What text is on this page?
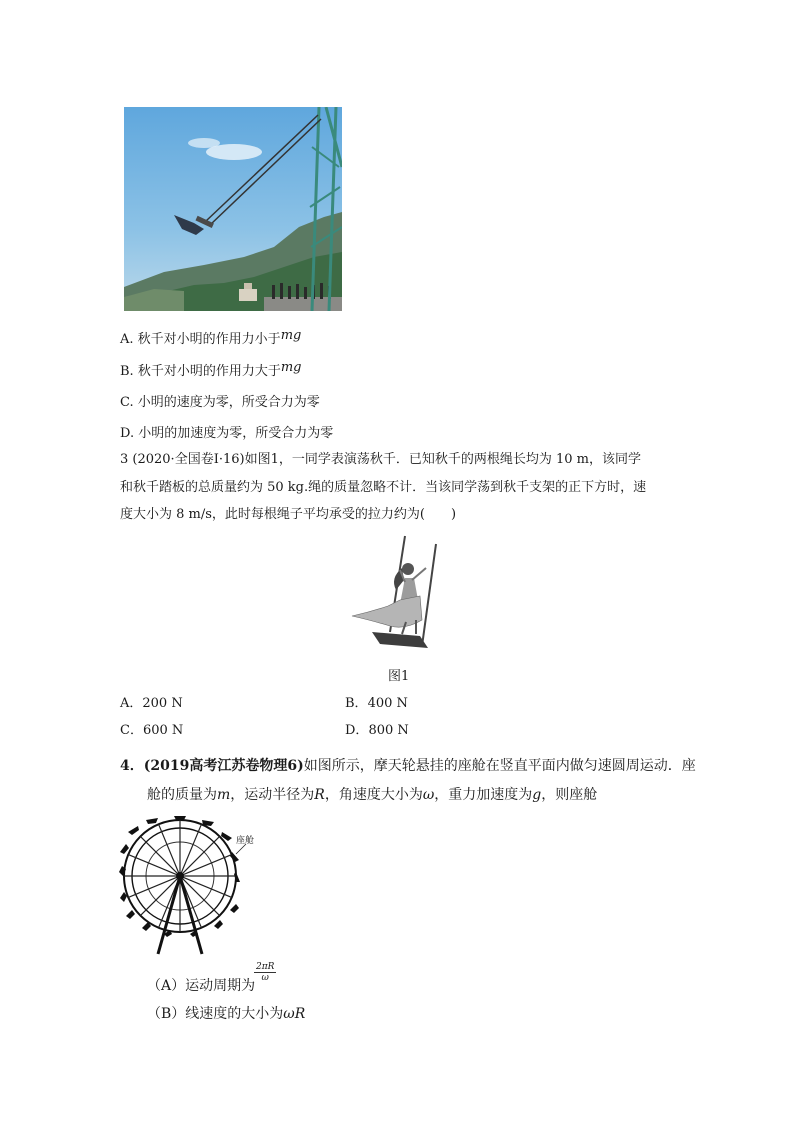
A. 秋千对小明的作用力小于mg
B. 秋千对小明的作用力大于mg
C. 小明的速度为零，所受合力为零
D. 小明的加速度为零，所受合力为零
3 (2020·全国卷Ⅰ·16)如图1，一同学表演荡秋千．已知秋千的两根绳长均为 10 m，该同学
和秋千踏板的总质量约为 50 kg.绳的质量忽略不计．当该同学荡到秋千支架的正下方时，速
度大小为 8 m/s，此时每根绳子平均承受的拉力约为(　　)
图1
A．200 N	B．400 N
C．600 N	D．800 N
4．(2019高考江苏卷物理6)如图所示，摩天轮悬挂的座舱在竖直平面内做匀速圆周运动．座
舱的质量为m，运动半径为R，角速度大小为ω，重力加速度为g，则座舱
座舱
（A）运动周期为
$\frac{2\pi R}{\omega}$
（B）线速度的大小为ωR
